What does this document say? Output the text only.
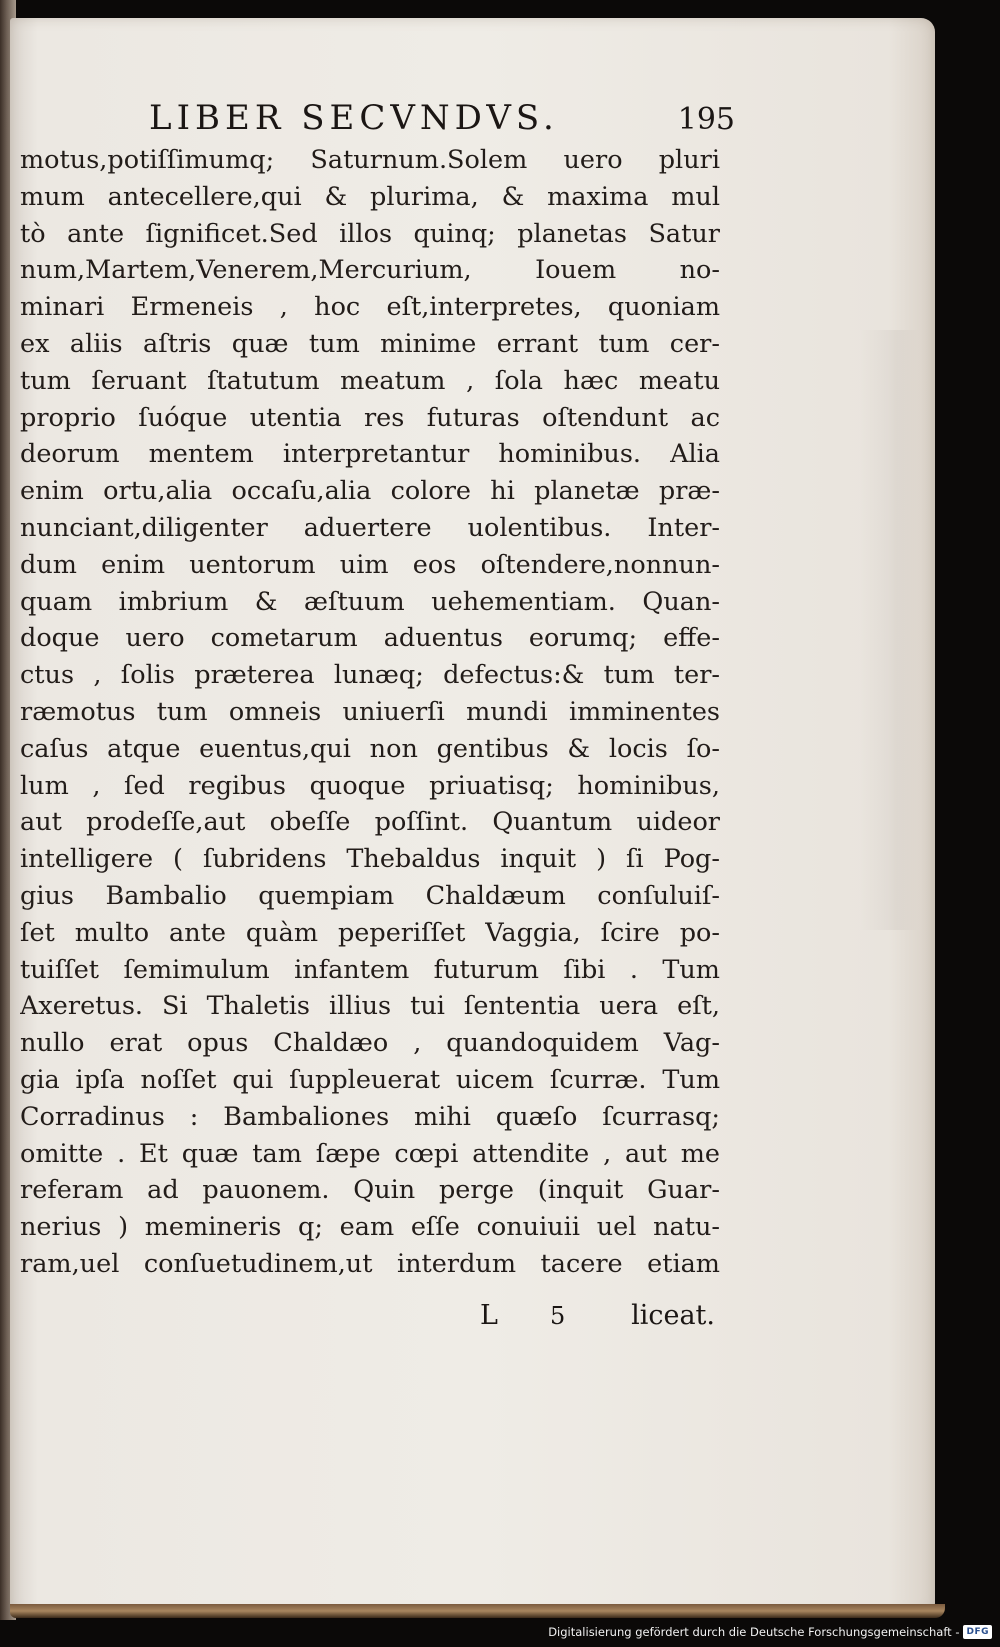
LIBER SECVNDVS.	195
motus,potiſſimumq; Saturnum.Solem uero pluri
mum antecellere,qui & plurima, & maxima mul
tò ante ſignificet.Sed illos quinq; planetas Satur
num,Martem,Venerem,Mercurium, Iouem no-
minari Ermeneis , hoc eſt,interpretes, quoniam
ex aliis aſtris quæ tum minime errant tum cer-
tum ſeruant ſtatutum meatum , ſola hæc meatu
proprio ſuóque utentia res futuras oſtendunt ac
deorum mentem interpretantur hominibus. Alia
enim ortu,alia occaſu,alia colore hi planetæ præ-
nunciant,diligenter aduertere uolentibus. Inter-
dum enim uentorum uim eos oſtendere,nonnun-
quam imbrium & æſtuum uehementiam. Quan-
doque uero cometarum aduentus eorumq; effe-
ctus , ſolis præterea lunæq; defectus:& tum ter-
ræmotus tum omneis uniuerſi mundi imminentes
caſus atque euentus,qui non gentibus & locis ſo-
lum , ſed regibus quoque priuatisq; hominibus,
aut prodeſſe,aut obeſſe poſſint. Quantum uideor
intelligere ( ſubridens Thebaldus inquit ) ſi Pog-
gius Bambalio quempiam Chaldæum conſuluiſ-
ſet multo ante quàm peperiſſet Vaggia, ſcire po-
tuiſſet ſemimulum infantem futurum ſibi . Tum
Axeretus. Si Thaletis illius tui ſententia uera eſt,
nullo erat opus Chaldæo , quandoquidem Vag-
gia ipſa noſſet qui ſuppleuerat uicem ſcurræ. Tum
Corradinus : Bambaliones mihi quæſo ſcurrasq;
omitte . Et quæ tam ſæpe cœpi attendite , aut me
referam ad pauonem. Quin perge (inquit Guar-
nerius ) memineris q; eam eſſe conuiuii uel natu-
ram,uel conſuetudinem,ut interdum tacere etiam
L 5 liceat.
Digitalisierung gefördert durch die Deutsche Forschungsgemeinschaft - DFG
